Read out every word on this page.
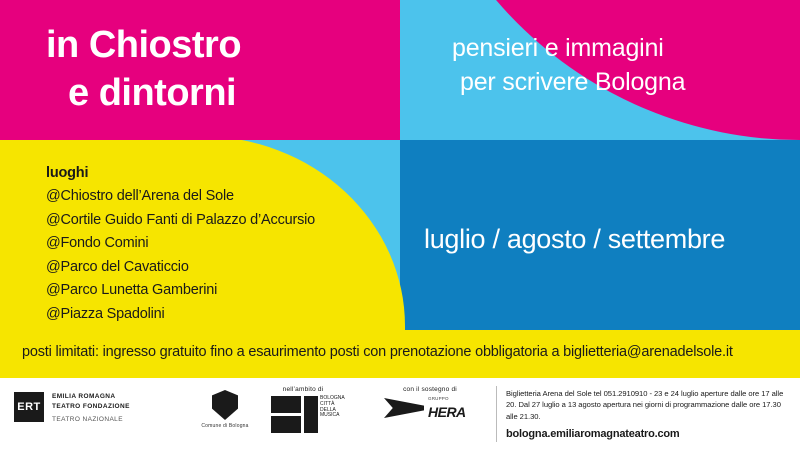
in Chiostro
e dintorni
pensieri e immagini
per scrivere Bologna
luoghi
@Chiostro dell’Arena del Sole
@Cortile Guido Fanti di Palazzo d’Accursio
@Fondo Comini
@Parco del Cavaticcio
@Parco Lunetta Gamberini
@Piazza Spadolini
luglio / agosto / settembre
posti limitati: ingresso gratuito fino a esaurimento posti con prenotazione obbligatoria a biglietteria@arenadelsole.it
ERT
EMILIA ROMAGNA
TEATRO FONDAZIONE
TEATRO NAZIONALE
Comune di Bologna
nell’ambito di
BOLOGNA CITTÀ DELLA MUSICA
con il sostegno di
GRUPPO
HERA
Biglietteria Arena del Sole tel 051.2910910 - 23 e 24 luglio aperture dalle ore 17 alle 20. Dal 27 luglio a 13 agosto apertura nei giorni di programmazione dalle ore 17.30 alle 21.30.
bologna.emiliaromagnateatro.com
